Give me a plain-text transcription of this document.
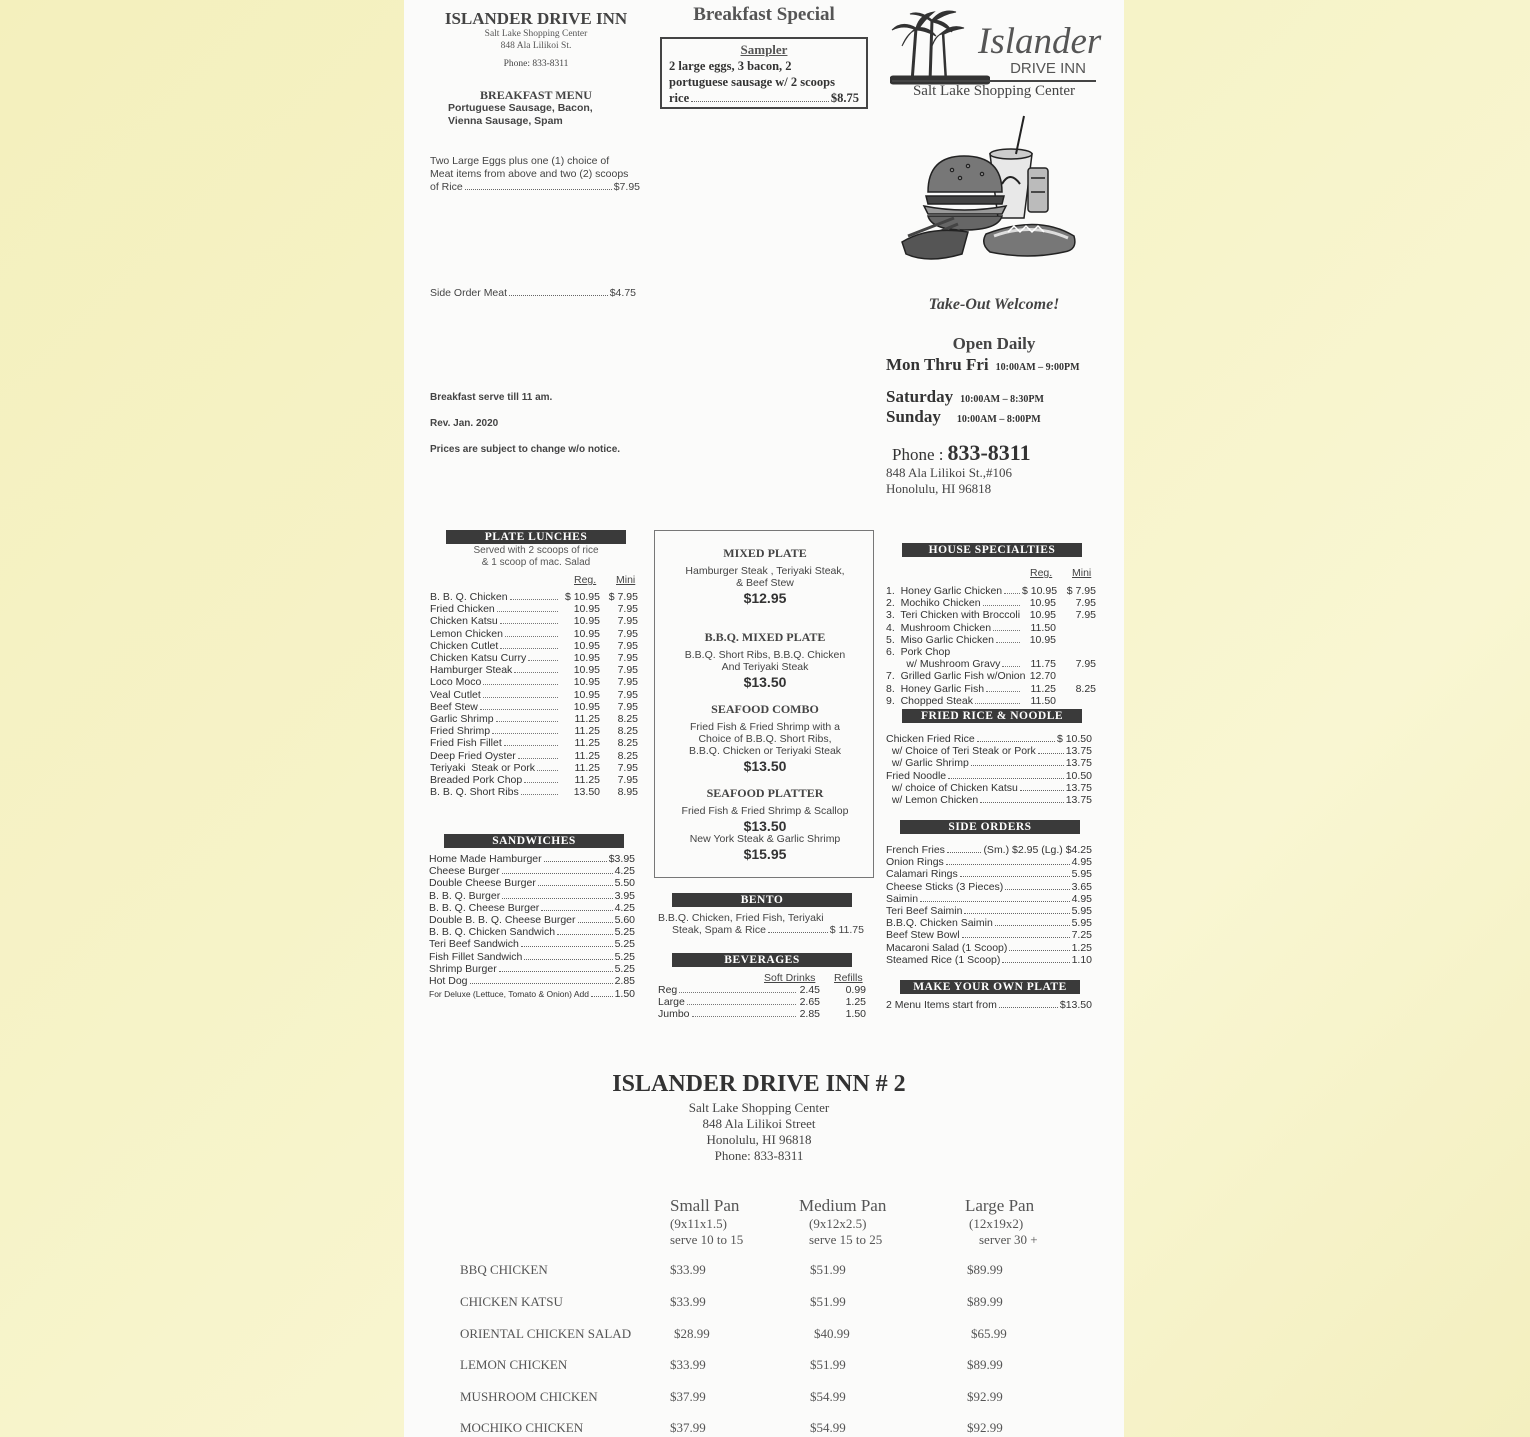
ISLANDER DRIVE INN
Salt Lake Shopping Center
848 Ala Lilikoi St.
Phone: 833-8311
BREAKFAST MENU
Portuguese Sausage, Bacon, Vienna Sausage, Spam
Two Large Eggs plus one (1) choice of
Meat items from above and two (2) scoops
of Rice	$7.95
Side Order Meat	$4.75
Breakfast serve till 11 am.
Rev. Jan. 2020
Prices are subject to change w/o notice.
Breakfast Special
Sampler
2 large eggs, 3 bacon, 2
portuguese sausage w/ 2 scoops
rice	$8.75
Islander
DRIVE INN
Salt Lake Shopping Center
Take-Out Welcome!
Open Daily
Mon Thru Fri 10:00AM – 9:00PM
Saturday 10:00AM – 8:30PM
Sunday 10:00AM – 8:00PM
Phone : 833-8311
848 Ala Lilikoi St.,#106
Honolulu, HI 96818
PLATE LUNCHES
Served with 2 scoops of rice
& 1 scoop of mac. Salad
Reg. Mini
B. B. Q. Chicken	$ 10.95 $ 7.95
Fried Chicken	10.95	7.95
Chicken Katsu	10.95	7.95
Lemon Chicken	10.95	7.95
Chicken Cutlet	10.95	7.95
Chicken Katsu Curry	10.95	7.95
Hamburger Steak	10.95	7.95
Loco Moco	10.95	7.95
Veal Cutlet	10.95	7.95
Beef Stew	10.95	7.95
Garlic Shrimp	11.25	8.25
Fried Shrimp	11.25	8.25
Fried Fish Fillet	11.25	8.25
Deep Fried Oyster	11.25	8.25
Teriyaki  Steak or Pork	11.25	7.95
Breaded Pork Chop	11.25	7.95
B. B. Q. Short Ribs	13.50	8.95
SANDWICHES
Home Made Hamburger	$3.95
Cheese Burger	4.25
Double Cheese Burger	5.50
B. B. Q. Burger	3.95
B. B. Q. Cheese Burger	4.25
Double B. B. Q. Cheese Burger	5.60
B. B. Q. Chicken Sandwich	5.25
Teri Beef Sandwich	5.25
Fish Fillet Sandwich	5.25
Shrimp Burger	5.25
Hot Dog	2.85
For Deluxe (Lettuce, Tomato & Onion) Add 1.50
MIXED PLATE
Hamburger Steak , Teriyaki Steak,
& Beef Stew
$12.95
B.B.Q. MIXED PLATE
B.B.Q. Short Ribs, B.B.Q. Chicken
And Teriyaki Steak
$13.50
SEAFOOD COMBO
Fried Fish & Fried Shrimp with a
Choice of B.B.Q. Short Ribs,
B.B.Q. Chicken or Teriyaki Steak
$13.50
SEAFOOD PLATTER
Fried Fish & Fried Shrimp & Scallop
$13.50
New York Steak & Garlic Shrimp
$15.95
BENTO
B.B.Q. Chicken, Fried Fish, Teriyaki
Steak, Spam & Rice	$ 11.75
BEVERAGES
Soft Drinks Refills
Reg	2.45	0.99
Large	2.65	1.25
Jumbo	2.85	1.50
HOUSE SPECIALTIES
Reg. Mini
1.  Honey Garlic Chicken $ 10.95 $ 7.95
2.  Mochiko Chicken	10.95	7.95
3.  Teri Chicken with Broccoli 10.95	7.95
4.  Mushroom Chicken	11.50
5.  Miso Garlic Chicken	10.95
6.  Pork Chop
w/ Mushroom Gravy	11.75	7.95
7.  Grilled Garlic Fish w/Onion 12.70
8.  Honey Garlic Fish	11.25	8.25
9.  Chopped Steak	11.50
FRIED RICE & NOODLE
Chicken Fried Rice	$ 10.50
w/ Choice of Teri Steak or Pork	13.75
w/ Garlic Shrimp	13.75
Fried Noodle	10.50
w/ choice of Chicken Katsu	13.75
w/ Lemon Chicken	13.75
SIDE ORDERS
French Fries	(Sm.) $2.95 (Lg.) $4.25
Onion Rings	4.95
Calamari Rings	5.95
Cheese Sticks (3 Pieces)	3.65
Saimin	4.95
Teri Beef Saimin	5.95
B.B.Q. Chicken Saimin	5.95
Beef Stew Bowl	7.25
Macaroni Salad (1 Scoop)	1.25
Steamed Rice (1 Scoop)	1.10
MAKE YOUR OWN PLATE
2 Menu Items start from	$13.50
ISLANDER DRIVE INN # 2
Salt Lake Shopping Center
848 Ala Lilikoi Street
Honolulu, HI 96818
Phone: 833-8311
Small Pan
(9x11x1.5)
serve 10 to 15
Medium Pan
(9x12x2.5)
serve 15 to 25
Large Pan
(12x19x2)
server 30 +
BBQ CHICKEN	$33.99	$51.99	$89.99
CHICKEN KATSU	$33.99	$51.99	$89.99
ORIENTAL CHICKEN SALAD	$28.99	$40.99	$65.99
LEMON CHICKEN	$33.99	$51.99	$89.99
MUSHROOM CHICKEN	$37.99	$54.99	$92.99
MOCHIKO CHICKEN	$37.99	$54.99	$92.99
